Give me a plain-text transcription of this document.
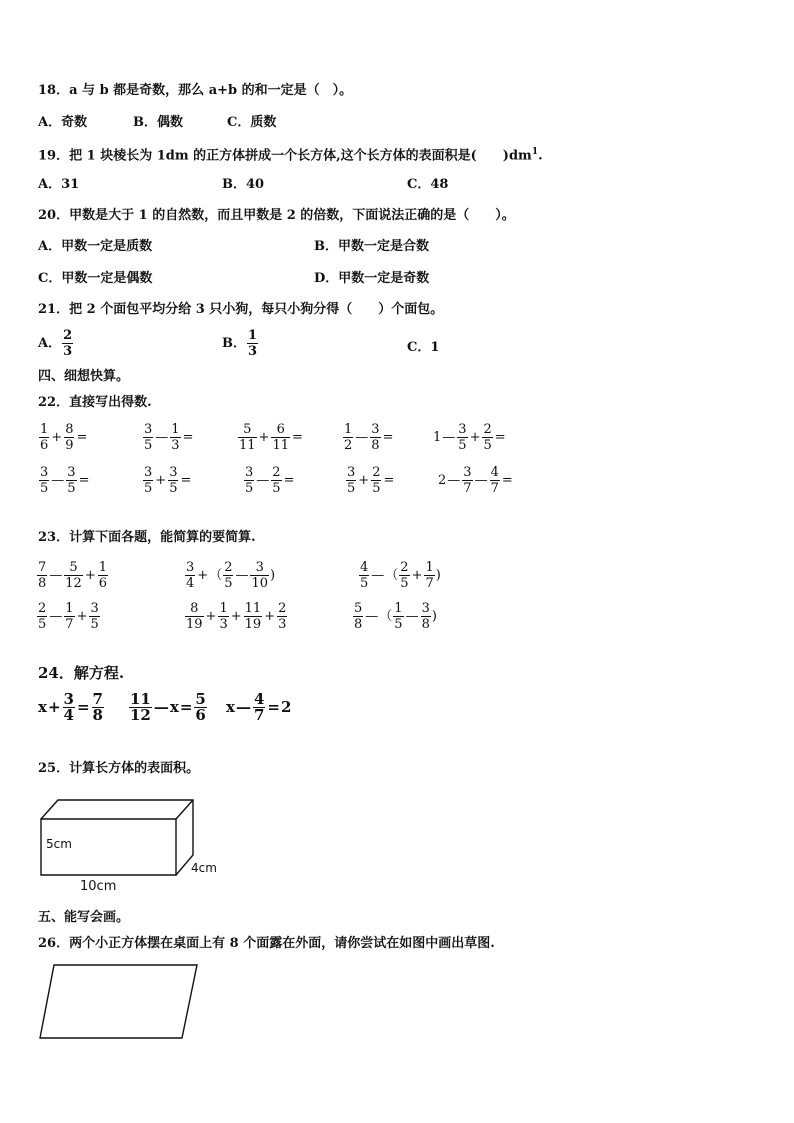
18．a 与 b 都是奇数，那么 a+b 的和一定是（　）。
A．奇数	B．偶数	C．质数
19．把 1 块棱长为 1dm 的正方体拼成一个长方体,这个长方体的表面积是(　　)$dm^1$.
A．31	B．40	C．48
20．甲数是大于 1 的自然数，而且甲数是 2 的倍数，下面说法正确的是（　　）。
A．甲数一定是质数	B．甲数一定是合数
C．甲数一定是偶数	D．甲数一定是奇数
21．把 2 个面包平均分给 3 只小狗，每只小狗分得（　　）个面包。
A． $\frac{2}{3}$	B． $\frac{1}{3}$	C．1
四、细想快算。
22．直接写出得数.
$\frac{1}{6} + \frac{8}{9}$ =	$\frac{3}{5}$ — $\frac{1}{3}$ =	$\frac{5}{11} + \frac{6}{11}$ =	$\frac{1}{2}$ — $\frac{3}{8}$ =	1 — $\frac{3}{5} + \frac{2}{5}$ =
$\frac{3}{5}$ — $\frac{3}{5}$ =	$\frac{3}{5} + \frac{3}{5}$ =	$\frac{3}{5}$ — $\frac{2}{5}$ =	$\frac{3}{5} + \frac{2}{5}$ =	2 — $\frac{3}{7}$ — $\frac{4}{7}$ =
23．计算下面各题，能简算的要简算.
$\frac{7}{8}$ — $\frac{5}{12} + \frac{1}{6}$	$\frac{3}{4}$ + （ $\frac{2}{5}$ — $\frac{3}{10}$ )	$\frac{4}{5}$ — （ $\frac{2}{5} + \frac{1}{7}$ )
$\frac{2}{5}$ — $\frac{1}{7} + \frac{3}{5}$	$\frac{8}{19} + \frac{1}{3} + \frac{11}{19} + \frac{2}{3}$	$\frac{5}{8}$ — （ $\frac{1}{5}$ — $\frac{3}{8}$ )
24．解方程.
$x + \frac{3}{4} = \frac{7}{8} \frac{11}{12}$ — $x = \frac{5}{6}$ x — $\frac{4}{7} = 2$
25．计算长方体的表面积。
5cm
4cm
10cm
五、能写会画。
26．两个小正方体摆在桌面上有 8 个面露在外面，请你尝试在如图中画出草图.
